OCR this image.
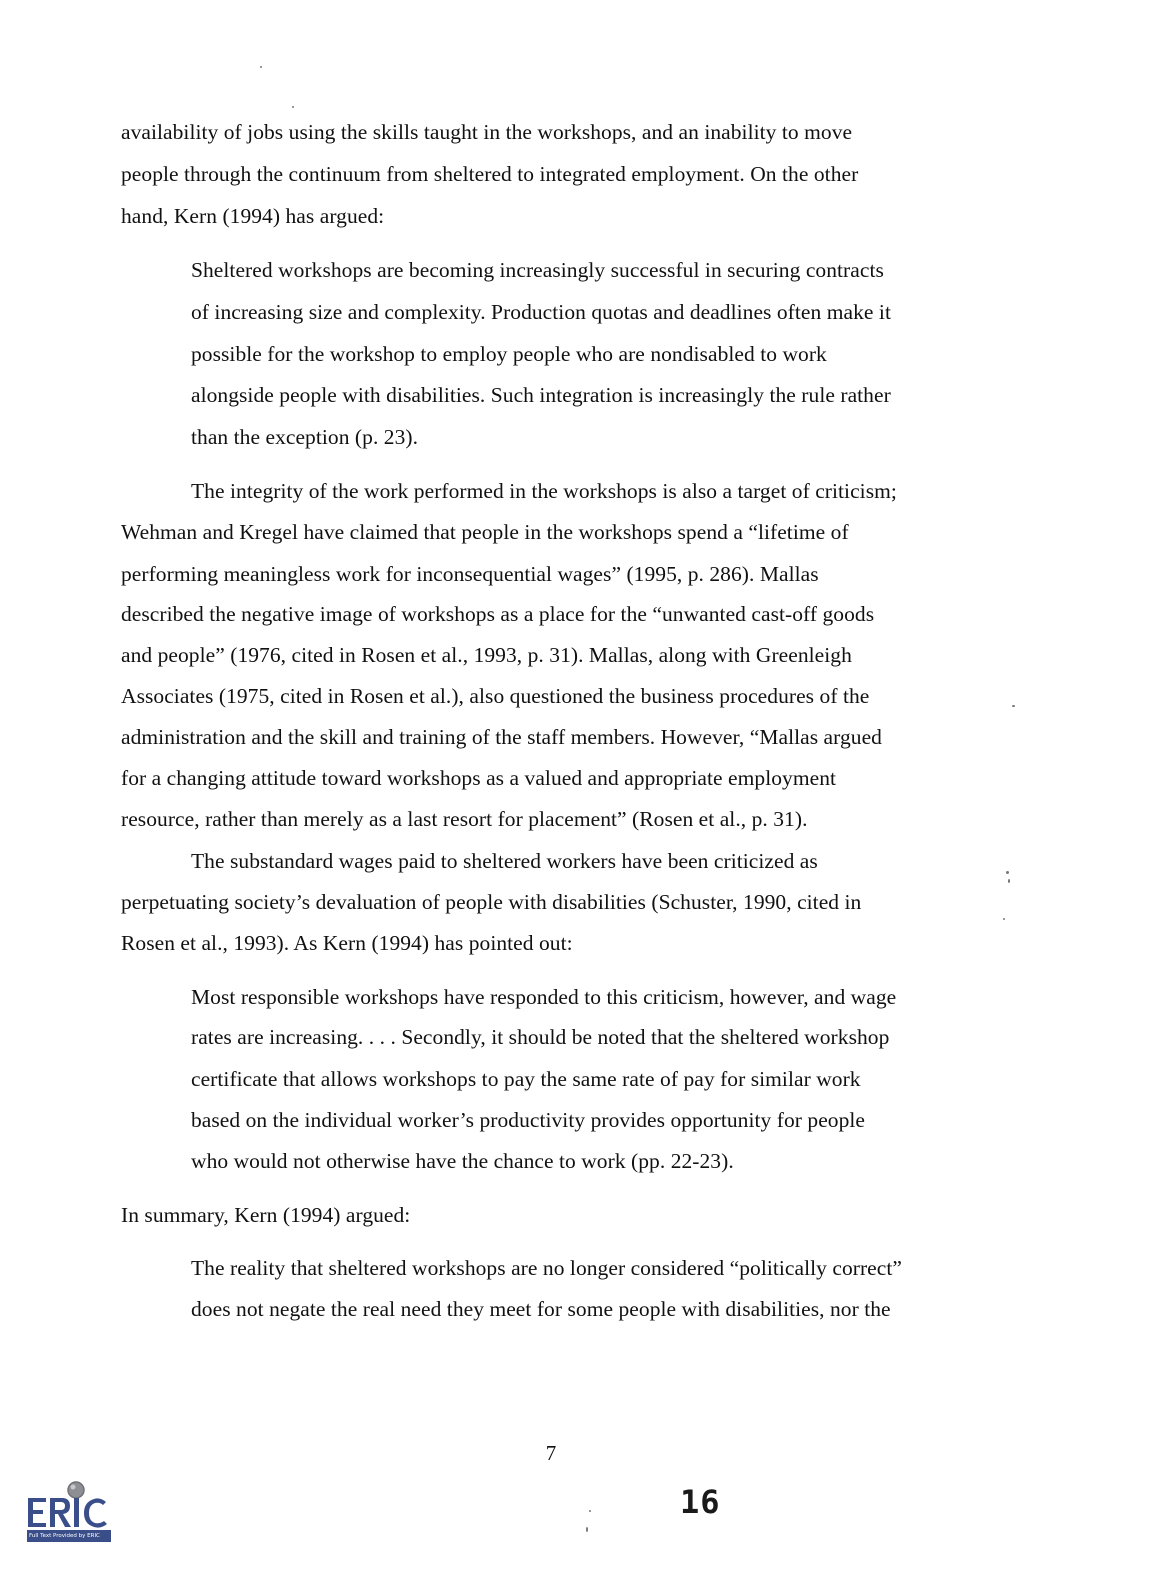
availability of jobs using the skills taught in the workshops, and an inability to move
people through the continuum from sheltered to integrated employment. On the other
hand, Kern (1994) has argued:
Sheltered workshops are becoming increasingly successful in securing contracts
of increasing size and complexity. Production quotas and deadlines often make it
possible for the workshop to employ people who are nondisabled to work
alongside people with disabilities. Such integration is increasingly the rule rather
than the exception (p. 23).
The integrity of the work performed in the workshops is also a target of criticism;
Wehman and Kregel have claimed that people in the workshops spend a “lifetime of
performing meaningless work for inconsequential wages” (1995, p. 286). Mallas
described the negative image of workshops as a place for the “unwanted cast-off goods
and people” (1976, cited in Rosen et al., 1993, p. 31). Mallas, along with Greenleigh
Associates (1975, cited in Rosen et al.), also questioned the business procedures of the
administration and the skill and training of the staff members. However, “Mallas argued
for a changing attitude toward workshops as a valued and appropriate employment
resource, rather than merely as a last resort for placement” (Rosen et al., p. 31).
The substandard wages paid to sheltered workers have been criticized as
perpetuating society’s devaluation of people with disabilities (Schuster, 1990, cited in
Rosen et al., 1993). As Kern (1994) has pointed out:
Most responsible workshops have responded to this criticism, however, and wage
rates are increasing. . . . Secondly, it should be noted that the sheltered workshop
certificate that allows workshops to pay the same rate of pay for similar work
based on the individual worker’s productivity provides opportunity for people
who would not otherwise have the chance to work (pp. 22-23).
In summary, Kern (1994) argued:
The reality that sheltered workshops are no longer considered “politically correct”
does not negate the real need they meet for some people with disabilities, nor the
7
16
Full Text Provided by ERIC
